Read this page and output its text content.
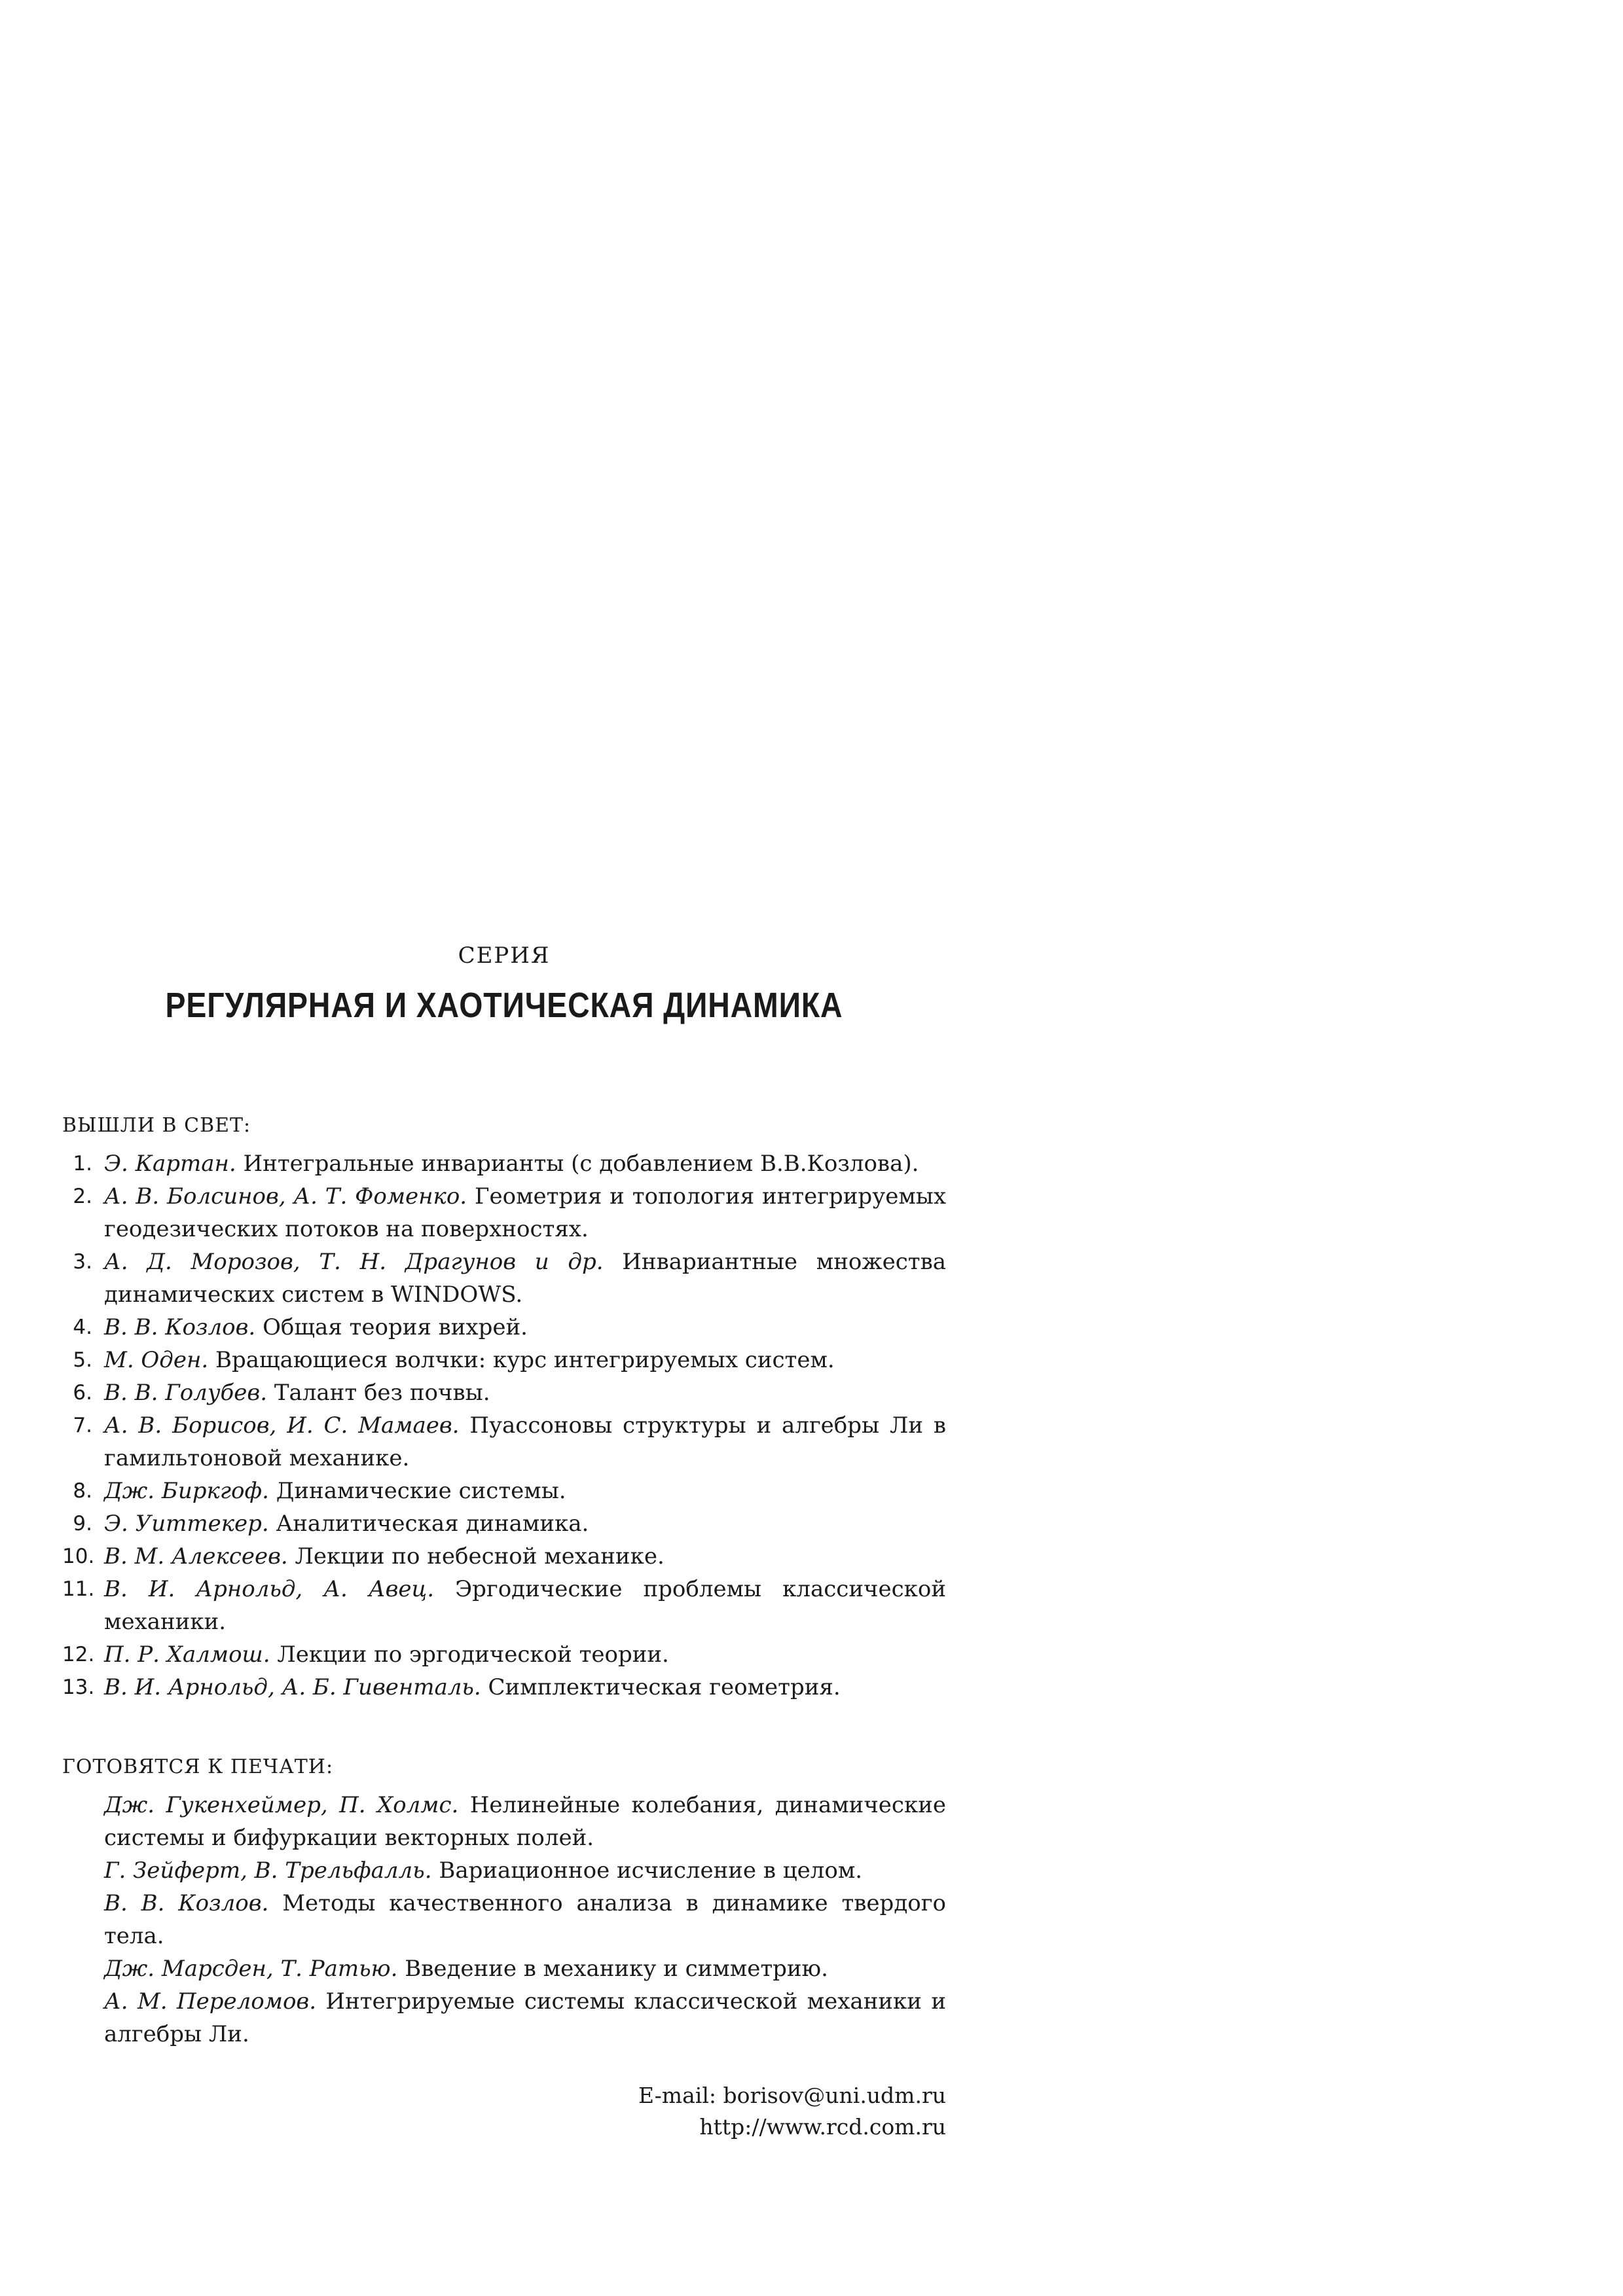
СЕРИЯ
РЕГУЛЯРНАЯ И ХАОТИЧЕСКАЯ ДИНАМИКА
ВЫШЛИ В СВЕТ:
1. Э. Картан. Интегральные инварианты (с добавлением В.В.Козлова).
2. А. В. Болсинов, А. Т. Фоменко. Геометрия и топология интегрируемых геодезических потоков на поверхностях.
3. А. Д. Морозов, Т. Н. Драгунов и др. Инвариантные множества динамических систем в WINDOWS.
4. В. В. Козлов. Общая теория вихрей.
5. М. Оден. Вращающиеся волчки: курс интегрируемых систем.
6. В. В. Голубев. Талант без почвы.
7. А. В. Борисов, И. С. Мамаев. Пуассоновы структуры и алгебры Ли в гамильтоновой механике.
8. Дж. Биркгоф. Динамические системы.
9. Э. Уиттекер. Аналитическая динамика.
10. В. М. Алексеев. Лекции по небесной механике.
11. В. И. Арнольд, А. Авец. Эргодические проблемы классической механики.
12. П. Р. Халмош. Лекции по эргодической теории.
13. В. И. Арнольд, А. Б. Гивенталь. Симплектическая геометрия.
ГОТОВЯТСЯ К ПЕЧАТИ:
Дж. Гукенхеймер, П. Холмс. Нелинейные колебания, динамические системы и бифуркации векторных полей.
Г. Зейферт, В. Трельфалль. Вариационное исчисление в целом.
В. В. Козлов. Методы качественного анализа в динамике твердого тела.
Дж. Марсден, Т. Ратью. Введение в механику и симметрию.
А. М. Переломов. Интегрируемые системы классической механики и алгебры Ли.
E-mail: borisov@uni.udm.ru
http://www.rcd.com.ru
